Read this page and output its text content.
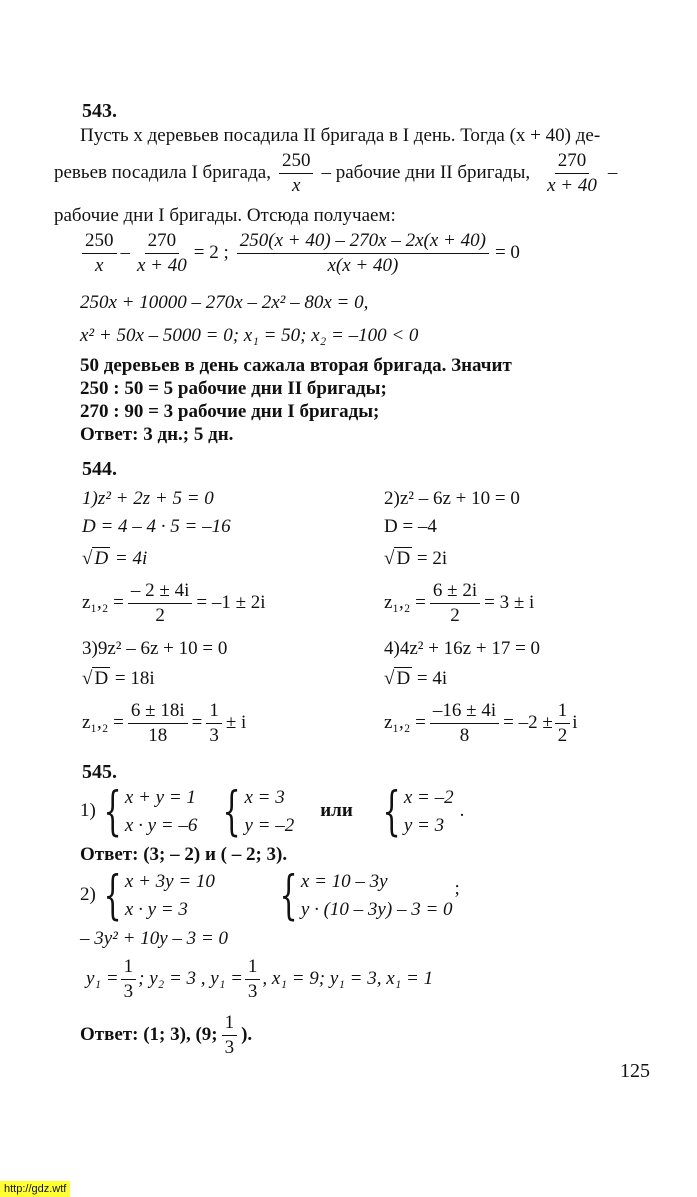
543.
Пусть x деревьев посадила II бригада в I день. Тогда (x + 40) де-
ревьев посадила I бригада, $\frac{250}{x}$ – рабочие дни II бригады, $\frac{270}{x + 40}$ –
рабочие дни I бригады. Отсюда получаем:
$\frac{250}{x} - \frac{270}{x + 40} = 2$ ; $\frac{250(x + 40) - 270x - 2x(x + 40)}{x(x + 40)} = 0$
250x + 10000 – 270x – 2x² – 80x = 0,
x² + 50x – 5000 = 0; x₁ = 50; x₂ = –100 < 0
50 деревьев в день сажала вторая бригада. Значит
250 : 50 = 5 рабочие дни II бригады;
270 : 90 = 3 рабочие дни I бригады;
Ответ: 3 дн.; 5 дн.
544.
1)z² + 2z + 5 = 0
D = 4 – 4 · 5 = –16
√ D = 4i
$z_1,_2 = \frac{- 2 \pm 4i}{2} = -1 \pm 2i$
3)9z² – 6z + 10 = 0
√ D = 18i
$z_1,_2 = \frac{6 \pm 18i}{18} = \frac{1}{3} \pm i$
2)z² – 6z + 10 = 0
D = –4
√ D = 2i
$z_1,_2 = \frac{6 \pm 2i}{2} = 3 \pm i$
4)4z² + 16z + 17 = 0
√ D = 4i
$z_1,_2 = \frac{-16 \pm 4i}{8} = -2 \pm \frac{1}{2}$ i
545.
1) { x + y = 1
x · y = –6 { x = 3
y = –2
или { x = –2
y = 3
.
Ответ: (3; – 2) и ( – 2; 3).
2) { x + 3y = 10
x · y = 3	{ x = 10 – 3y
y · (10 – 3y) – 3 = 0
;
– 3y² + 10y – 3 = 0
$y_1 = \frac{1}{3}$ ; y₂ = 3 , $y_1 = \frac{1}{3}$ , x₁ = 9; y₁ = 3, x₁ = 1
Ответ: (1; 3), (9; $\frac{1}{3}$ ).
125
http://gdz.wtf
